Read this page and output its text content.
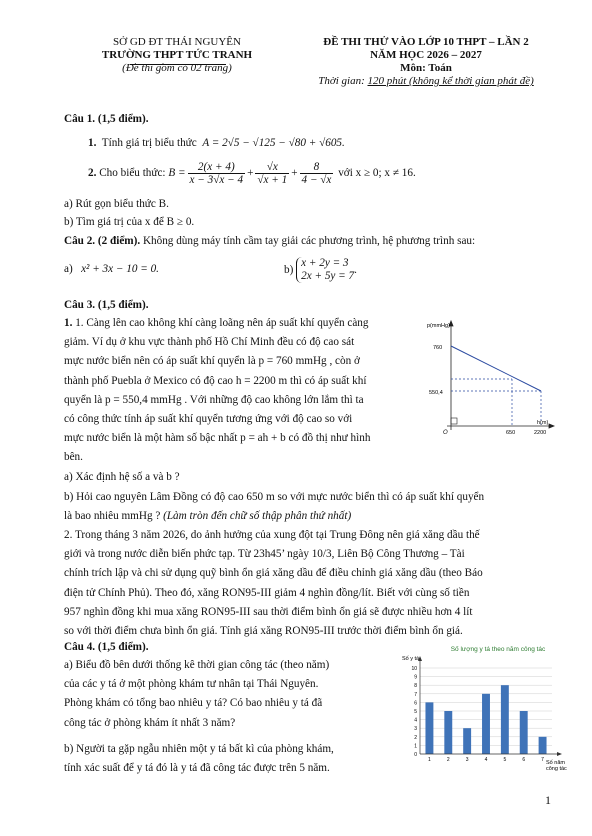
SỞ GD ĐT THÁI NGUYÊN
TRƯỜNG THPT TỨC TRANH
(Đề thi gồm có 02 trang)
ĐỀ THI THỬ VÀO LỚP 10 THPT – LẦN 2
NĂM HỌC 2026 – 2027
Môn: Toán
Thời gian: 120 phút (không kể thời gian phát đề)
Câu 1. (1,5 điểm).
1. Tính giá trị biểu thức A = 2√5 − √125 − √80 + √605.
2.
Cho biểu thức:
$B = \frac{2(x + 4)}{x - 3√x - 4} + \frac{√x}{√x + 1} + \frac{8}{4 - √x}$
với x ≥ 0; x ≠ 16.
a) Rút gọn biểu thức B.
b) Tìm giá trị của x để B ≥ 0.
Câu 2. (2 điểm). Không dùng máy tính cầm tay giải các phương trình, hệ phương trình sau:
a) x² + 3x − 10 = 0.	b)

x + 2y = 3
2x + 5y = 7 .
Câu 3. (1,5 điểm).
1. 1. Càng lên cao không khí càng loãng nên áp suất khí quyển càng
giảm. Ví dụ ở khu vực thành phố Hồ Chí Minh đều có độ cao sát
mực nước biển nên có áp suất khí quyển là p = 760 mmHg , còn ở
thành phố Puebla ở Mexico có độ cao h = 2200 m thì có áp suất khí
quyển là p = 550,4 mmHg . Với những độ cao không lớn lắm thì ta
có công thức tính áp suất khí quyển tương ứng với độ cao so với
mực nước biển là một hàm số bậc nhất p = ah + b có đồ thị như hình
bên.
a) Xác định hệ số a và b ?
p(mmHg)
h(m)
O
760
550,4
650	2200
b) Hỏi cao nguyên Lâm Đồng có độ cao 650 m so với mực nước biển thì có áp suất khí quyển
là bao nhiêu mmHg ? (Làm tròn đến chữ số thập phân thứ nhất)
2. Trong tháng 3 năm 2026, do ảnh hưởng của xung đột tại Trung Đông nên giá xăng dầu thế
giới và trong nước diễn biến phức tạp. Từ 23h45’ ngày 10/3, Liên Bộ Công Thương – Tài
chính trích lập và chi sử dụng quỹ bình ổn giá xăng dầu để điều chỉnh giá xăng dầu (theo Báo
điện tử Chính Phủ). Theo đó, xăng RON95-III giảm 4 nghìn đồng/lít. Biết với cùng số tiền
957 nghìn đồng khi mua xăng RON95-III sau thời điểm bình ổn giá sẽ được nhiều hơn 4 lít
so với thời điểm chưa bình ổn giá. Tính giá xăng RON95-III trước thời điểm bình ổn giá.
Câu 4. (1,5 điểm).
a) Biểu đồ bên dưới thống kê thời gian công tác (theo năm)
của các y tá ở một phòng khám tư nhân tại Thái Nguyên.
Phòng khám có tổng bao nhiêu y tá? Có bao nhiêu y tá đã
công tác ở phòng khám ít nhất 3 năm?
b) Người ta gặp ngẫu nhiên một y tá bất kì của phòng khám,
tính xác suất để y tá đó là y tá đã công tác được trên 5 năm.
Số lượng y tá theo năm công tác
Số y tá
0
1
2
3
4
5
6
7
8
9
10
1	2	3	4	5	6	7 Số năm công tác
1
